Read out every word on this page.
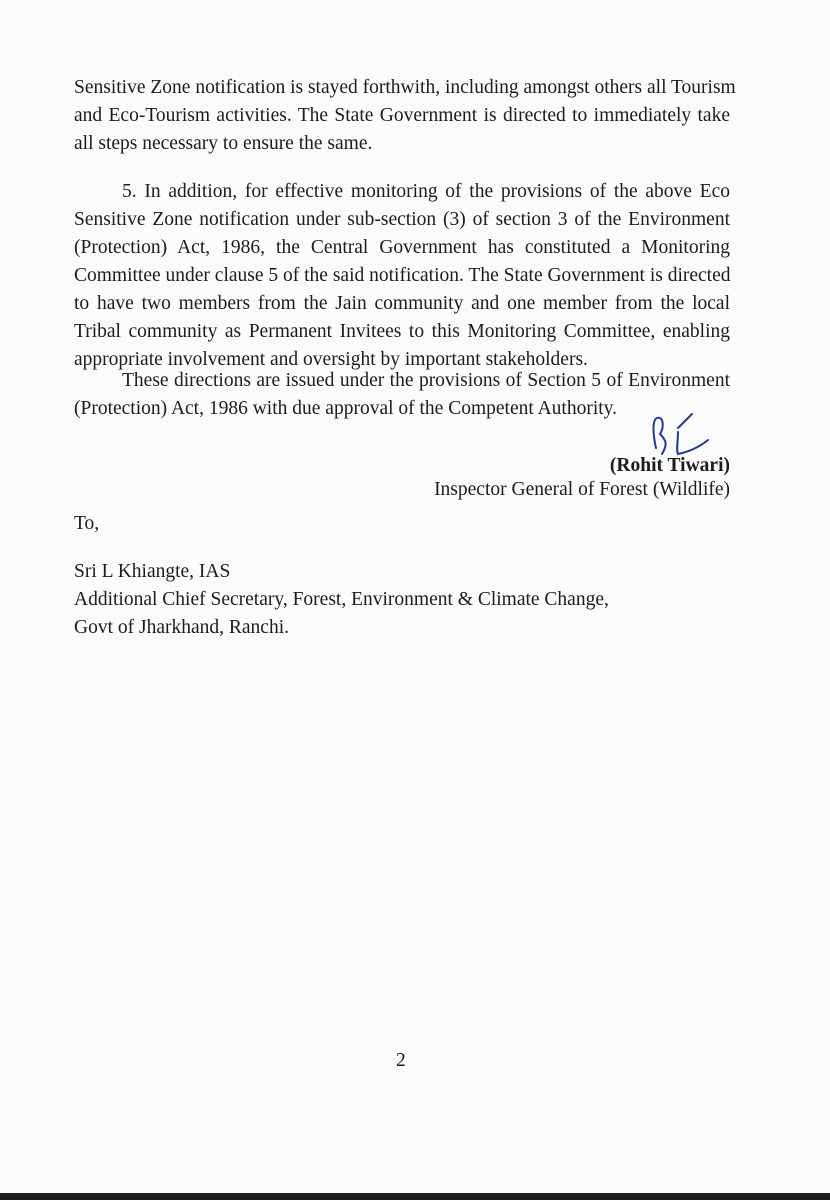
Sensitive Zone notification is stayed forthwith, including amongst others all Tourism
and Eco-Tourism activities. The State Government is directed to immediately take
all steps necessary to ensure the same.
5. In addition, for effective monitoring of the provisions of the above Eco
Sensitive Zone notification under sub-section (3) of section 3 of the Environment
(Protection) Act, 1986, the Central Government has constituted a Monitoring
Committee under clause 5 of the said notification. The State Government is directed
to have two members from the Jain community and one member from the local
Tribal community as Permanent Invitees to this Monitoring Committee, enabling
appropriate involvement and oversight by important stakeholders.
These directions are issued under the provisions of Section 5 of Environment
(Protection) Act, 1986 with due approval of the Competent Authority.
(Rohit Tiwari)
Inspector General of Forest (Wildlife)
To,
Sri L Khiangte, IAS
Additional Chief Secretary, Forest, Environment & Climate Change,
Govt of Jharkhand, Ranchi.
2
